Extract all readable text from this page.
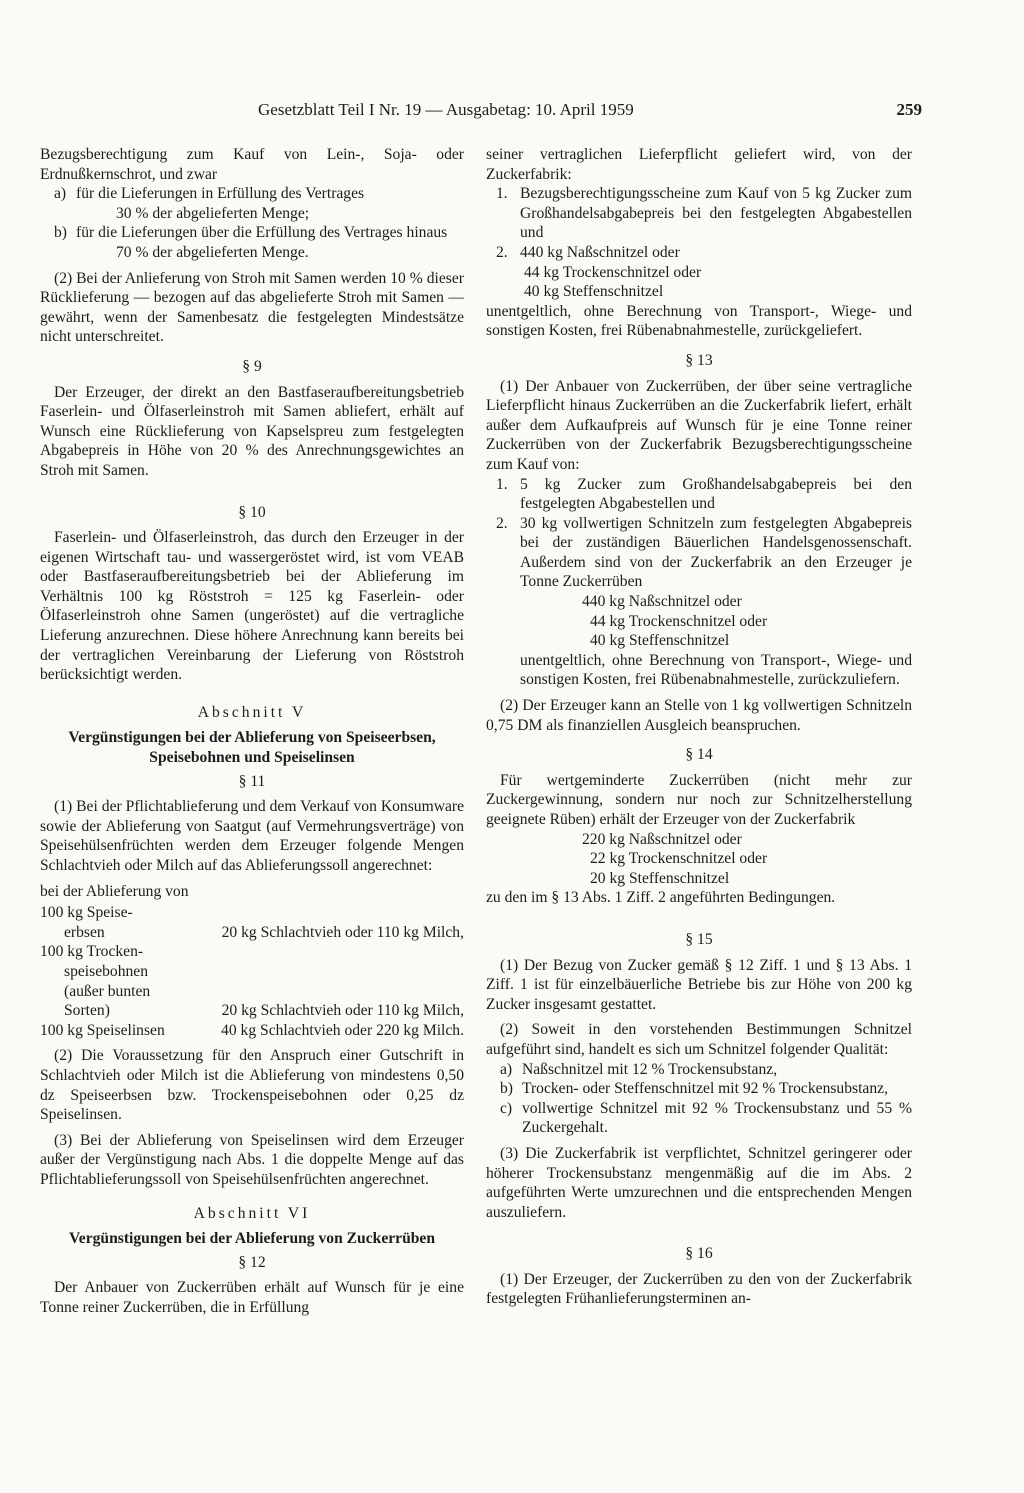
Gesetzblatt Teil I Nr. 19 — Ausgabetag: 10. April 1959	259

Bezugsberechtigung zum Kauf von Lein-, Soja- oder Erdnußkernschrot, und zwar

a) für die Lieferungen in Erfüllung des Vertrages

30 % der abgelieferten Menge;

b) für die Lieferungen über die Erfüllung des Vertrages hinaus

70 % der abgelieferten Menge.

(2) Bei der Anlieferung von Stroh mit Samen werden 10 % dieser Rücklieferung — bezogen auf das abgelieferte Stroh mit Samen — gewährt, wenn der Samenbesatz die festgelegten Mindestsätze nicht unterschreitet.

§ 9

Der Erzeuger, der direkt an den Bastfaseraufbereitungsbetrieb Faserlein- und Ölfaserleinstroh mit Samen abliefert, erhält auf Wunsch eine Rücklieferung von Kapselspreu zum festgelegten Abgabepreis in Höhe von 20 % des Anrechnungsgewichtes an Stroh mit Samen.

§ 10

Faserlein- und Ölfaserleinstroh, das durch den Erzeuger in der eigenen Wirtschaft tau- und wassergeröstet wird, ist vom VEAB oder Bastfaseraufbereitungsbetrieb bei der Ablieferung im Verhältnis 100 kg Röststroh = 125 kg Faserlein- oder Ölfaserleinstroh ohne Samen (ungeröstet) auf die vertragliche Lieferung anzurechnen. Diese höhere Anrechnung kann bereits bei der vertraglichen Vereinbarung der Lieferung von Röststroh berücksichtigt werden.

Abschnitt V

Vergünstigungen bei der Ablieferung von Speiseerbsen, Speisebohnen und Speiselinsen

§ 11

(1) Bei der Pflichtablieferung und dem Verkauf von Konsumware sowie der Ablieferung von Saatgut (auf Vermehrungsverträge) von Speisehülsenfrüchten werden dem Erzeuger folgende Mengen Schlachtvieh oder Milch auf das Ablieferungssoll angerechnet:

bei der Ablieferung von

100 kg Speise-

erbsen	20 kg Schlachtvieh oder 110 kg Milch,
100 kg Trocken-

speisebohnen
(außer bunten
Sorten)	20 kg Schlachtvieh oder 110 kg Milch,
100 kg Speiselinsen	40 kg Schlachtvieh oder 220 kg Milch.

(2) Die Voraussetzung für den Anspruch einer Gutschrift in Schlachtvieh oder Milch ist die Ablieferung von mindestens 0,50 dz Speiseerbsen bzw. Trockenspeisebohnen oder 0,25 dz Speiselinsen.

(3) Bei der Ablieferung von Speiselinsen wird dem Erzeuger außer der Vergünstigung nach Abs. 1 die doppelte Menge auf das Pflichtablieferungssoll von Speisehülsenfrüchten angerechnet.

Abschnitt VI

Vergünstigungen bei der Ablieferung von Zuckerrüben

§ 12

Der Anbauer von Zuckerrüben erhält auf Wunsch für je eine Tonne reiner Zuckerrüben, die in Erfüllung

seiner vertraglichen Lieferpflicht geliefert wird, von der Zuckerfabrik:

1. Bezugsberechtigungsscheine zum Kauf von 5 kg Zucker zum Großhandelsabgabepreis bei den festgelegten Abgabestellen und
2. 440 kg Naßschnitzel oder

44 kg Trockenschnitzel oder

40 kg Steffenschnitzel

unentgeltlich, ohne Berechnung von Transport-, Wiege- und sonstigen Kosten, frei Rübenabnahmestelle, zurückgeliefert.

§ 13

(1) Der Anbauer von Zuckerrüben, der über seine vertragliche Lieferpflicht hinaus Zuckerrüben an die Zuckerfabrik liefert, erhält außer dem Aufkaufpreis auf Wunsch für je eine Tonne reiner Zuckerrüben von der Zuckerfabrik Bezugsberechtigungsscheine zum Kauf von:

1. 5 kg Zucker zum Großhandelsabgabepreis bei den festgelegten Abgabestellen und
2. 30 kg vollwertigen Schnitzeln zum festgelegten Abgabepreis bei der zuständigen Bäuerlichen Handelsgenossenschaft. Außerdem sind von der Zuckerfabrik an den Erzeuger je Tonne Zuckerrüben

440 kg Naßschnitzel oder

44 kg Trockenschnitzel oder

40 kg Steffenschnitzel

unentgeltlich, ohne Berechnung von Transport-, Wiege- und sonstigen Kosten, frei Rübenabnahmestelle, zurückzuliefern.

(2) Der Erzeuger kann an Stelle von 1 kg vollwertigen Schnitzeln 0,75 DM als finanziellen Ausgleich beanspruchen.

§ 14

Für wertgeminderte Zuckerrüben (nicht mehr zur Zuckergewinnung, sondern nur noch zur Schnitzelherstellung geeignete Rüben) erhält der Erzeuger von der Zuckerfabrik

220 kg Naßschnitzel oder

22 kg Trockenschnitzel oder

20 kg Steffenschnitzel

zu den im § 13 Abs. 1 Ziff. 2 angeführten Bedingungen.

§ 15

(1) Der Bezug von Zucker gemäß § 12 Ziff. 1 und § 13 Abs. 1 Ziff. 1 ist für einzelbäuerliche Betriebe bis zur Höhe von 200 kg Zucker insgesamt gestattet.

(2) Soweit in den vorstehenden Bestimmungen Schnitzel aufgeführt sind, handelt es sich um Schnitzel folgender Qualität:

a) Naßschnitzel mit 12 % Trockensubstanz,
b) Trocken- oder Steffenschnitzel mit 92 % Trockensubstanz,
c) vollwertige Schnitzel mit 92 % Trockensubstanz und 55 % Zuckergehalt.

(3) Die Zuckerfabrik ist verpflichtet, Schnitzel geringerer oder höherer Trockensubstanz mengenmäßig auf die im Abs. 2 aufgeführten Werte umzurechnen und die entsprechenden Mengen auszuliefern.

§ 16

(1) Der Erzeuger, der Zuckerrüben zu den von der Zuckerfabrik festgelegten Frühanlieferungsterminen an-
